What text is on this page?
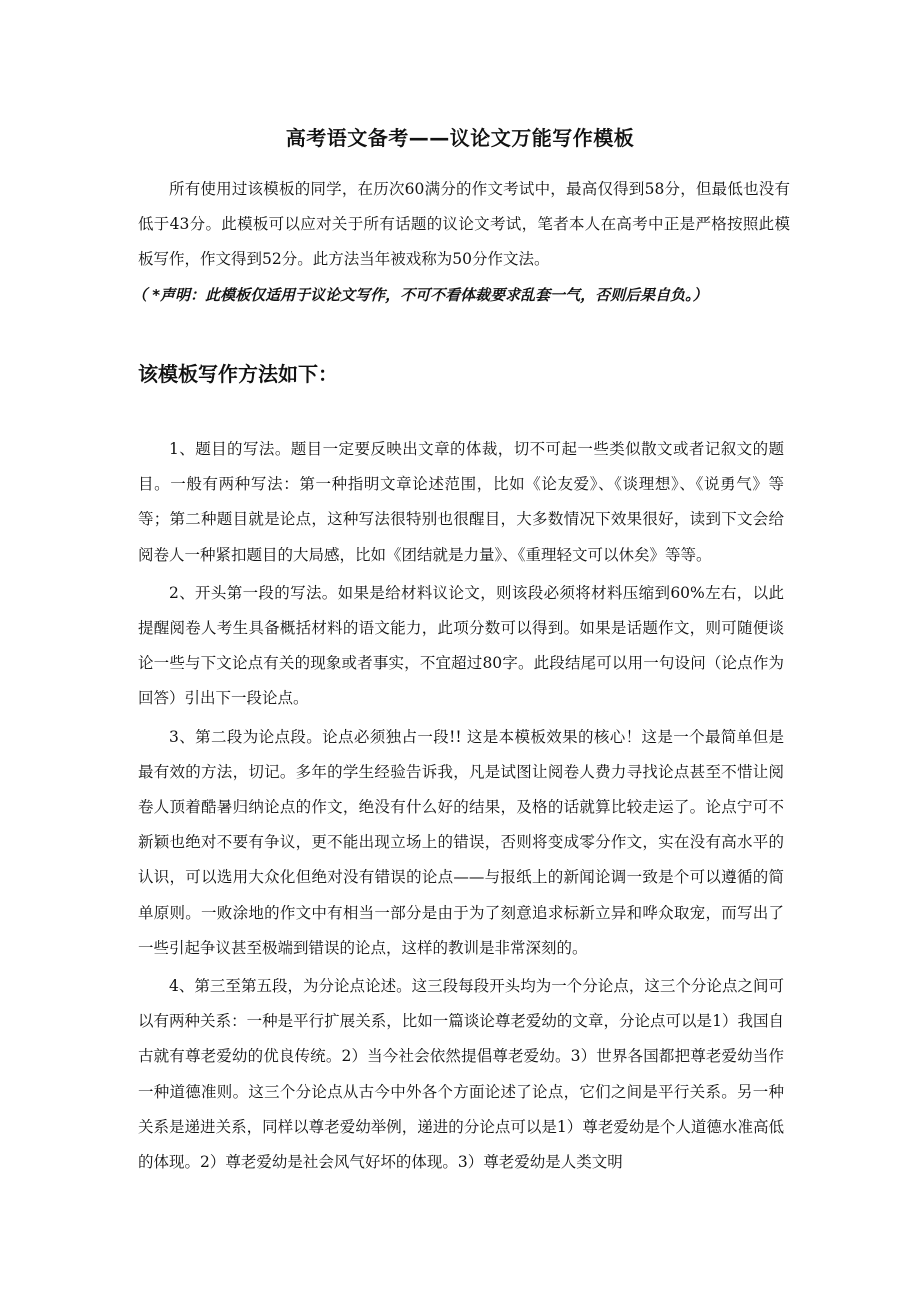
高考语文备考——议论文万能写作模板

所有使用过该模板的同学，在历次60满分的作文考试中，最高仅得到58分，但最低也没有低于43分。此模板可以应对关于所有话题的议论文考试，笔者本人在高考中正是严格按照此模板写作，作文得到52分。此方法当年被戏称为50分作文法。

（ *声明：此模板仅适用于议论文写作，不可不看体裁要求乱套一气，否则后果自负。）

该模板写作方法如下：

1、题目的写法。题目一定要反映出文章的体裁，切不可起一些类似散文或者记叙文的题目。一般有两种写法：第一种指明文章论述范围，比如《论友爱》、《谈理想》、《说勇气》等等；第二种题目就是论点，这种写法很特别也很醒目，大多数情况下效果很好，读到下文会给阅卷人一种紧扣题目的大局感，比如《团结就是力量》、《重理轻文可以休矣》等等。

2、开头第一段的写法。如果是给材料议论文，则该段必须将材料压缩到60%左右，以此提醒阅卷人考生具备概括材料的语文能力，此项分数可以得到。如果是话题作文，则可随便谈论一些与下文论点有关的现象或者事实，不宜超过80字。此段结尾可以用一句设问（论点作为回答）引出下一段论点。

3、第二段为论点段。论点必须独占一段!! 这是本模板效果的核心！这是一个最简单但是最有效的方法，切记。多年的学生经验告诉我，凡是试图让阅卷人费力寻找论点甚至不惜让阅卷人顶着酷暑归纳论点的作文，绝没有什么好的结果，及格的话就算比较走运了。论点宁可不新颖也绝对不要有争议，更不能出现立场上的错误，否则将变成零分作文，实在没有高水平的认识，可以选用大众化但绝对没有错误的论点——与报纸上的新闻论调一致是个可以遵循的简单原则。一败涂地的作文中有相当一部分是由于为了刻意追求标新立异和哗众取宠，而写出了一些引起争议甚至极端到错误的论点，这样的教训是非常深刻的。

4、第三至第五段，为分论点论述。这三段每段开头均为一个分论点，这三个分论点之间可以有两种关系：一种是平行扩展关系，比如一篇谈论尊老爱幼的文章，分论点可以是1）我国自古就有尊老爱幼的优良传统。2）当今社会依然提倡尊老爱幼。3）世界各国都把尊老爱幼当作一种道德准则。这三个分论点从古今中外各个方面论述了论点，它们之间是平行关系。另一种关系是递进关系，同样以尊老爱幼举例，递进的分论点可以是1）尊老爱幼是个人道德水准高低的体现。2）尊老爱幼是社会风气好坏的体现。3）尊老爱幼是人类文明
